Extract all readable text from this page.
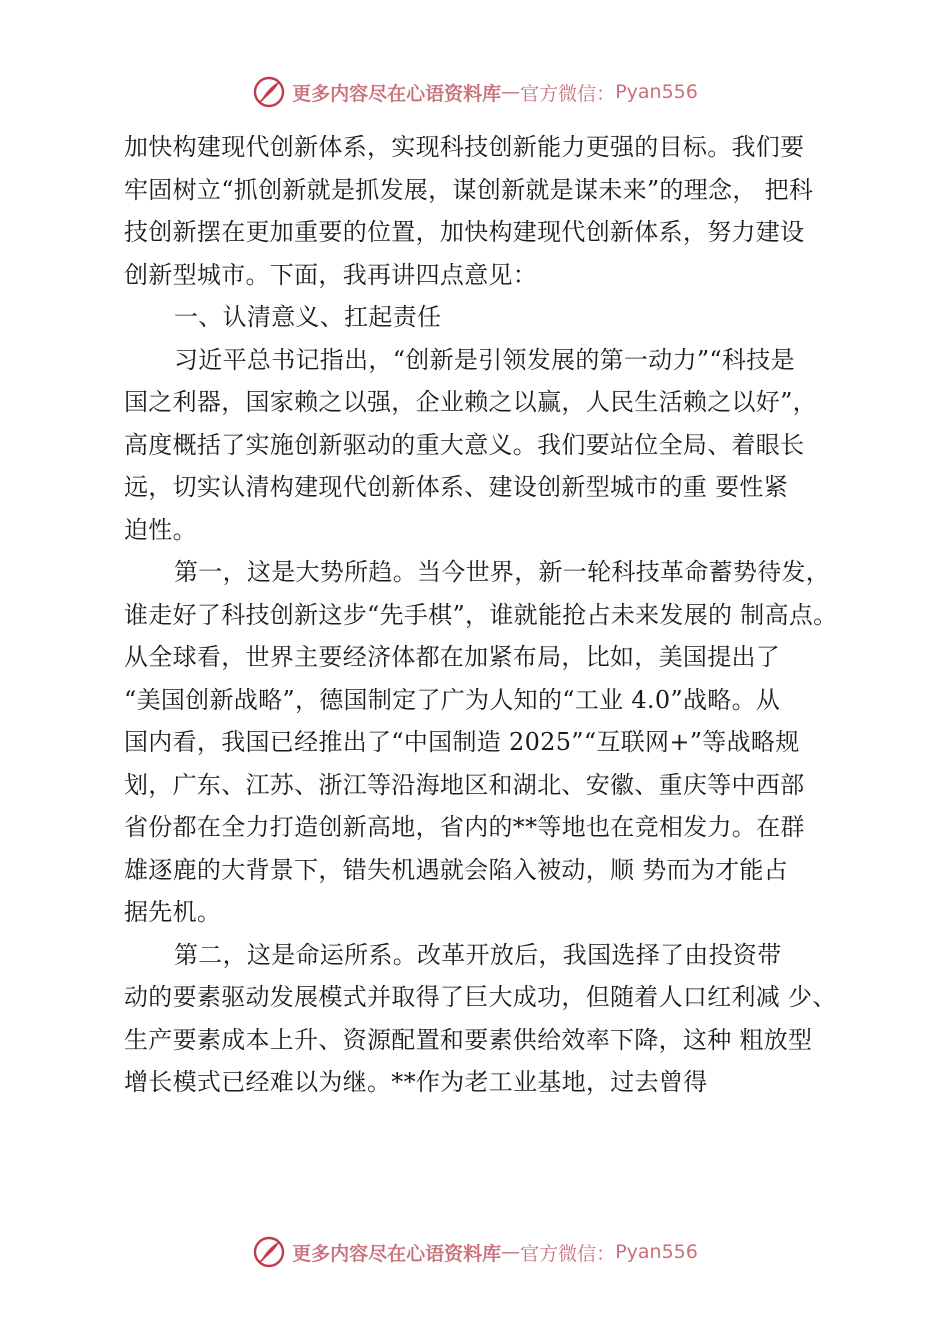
更多内容尽在心语资料库 — 官方微信： Pyan556
加快构建现代创新体系，实现科技创新能力更强的目标。我们要
牢固树立“抓创新就是抓发展，谋创新就是谋未来”的理念， 把科
技创新摆在更加重要的位置，加快构建现代创新体系，努力建设
创新型城市。下面，我再讲四点意见：
一、认清意义、扛起责任
习近平总书记指出，“创新是引领发展的第一动力”“科技是
国之利器，国家赖之以强，企业赖之以赢，人民生活赖之以好”，
高度概括了实施创新驱动的重大意义。我们要站位全局、着眼长
远，切实认清构建现代创新体系、建设创新型城市的重 要性紧
迫性。
第一，这是大势所趋。当今世界，新一轮科技革命蓄势待发，
谁走好了科技创新这步“先手棋”，谁就能抢占未来发展的 制高点。
从全球看，世界主要经济体都在加紧布局，比如，美国提出了
“美国创新战略”，德国制定了广为人知的“工业 4.0”战略。从
国内看，我国已经推出了“中国制造 2025”“互联网+”等战略规
划，广东、江苏、浙江等沿海地区和湖北、安徽、重庆等中西部
省份都在全力打造创新高地，省内的**等地也在竞相发力。在群
雄逐鹿的大背景下，错失机遇就会陷入被动，顺 势而为才能占
据先机。
第二，这是命运所系。改革开放后，我国选择了由投资带
动的要素驱动发展模式并取得了巨大成功，但随着人口红利减 少、
生产要素成本上升、资源配置和要素供给效率下降，这种 粗放型
增长模式已经难以为继。**作为老工业基地，过去曾得
更多内容尽在心语资料库 — 官方微信： Pyan556
